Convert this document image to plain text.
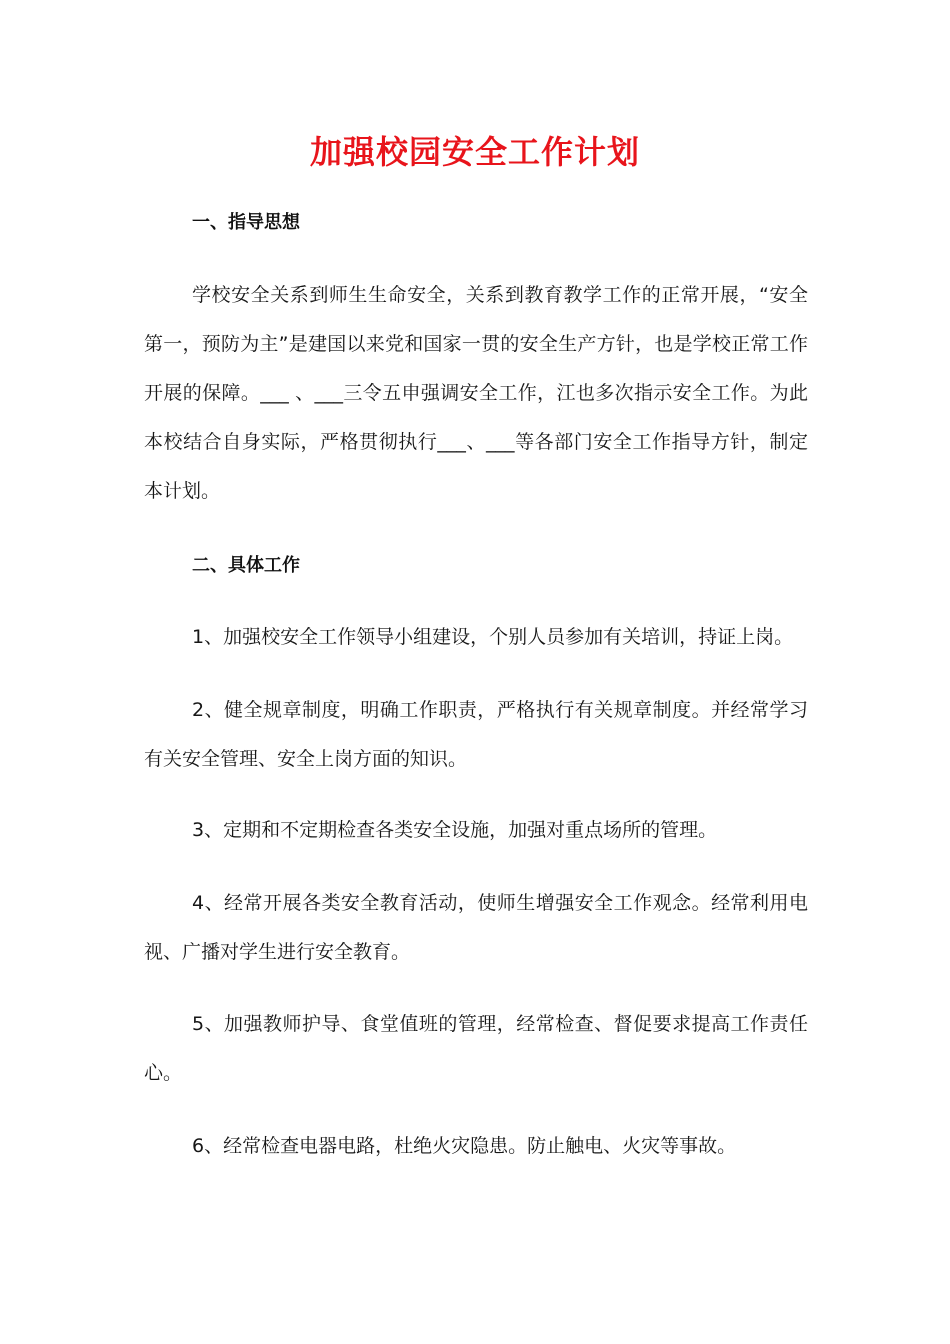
加强校园安全工作计划
一、指导思想
学校安全关系到师生生命安全，关系到教育教学工作的正常开展，“安全第一，预防为主”是建国以来党和国家一贯的安全生产方针，也是学校正常工作开展的保障。___ 、___三令五申强调安全工作，江也多次指示安全工作。为此本校结合自身实际，严格贯彻执行___、___等各部门安全工作指导方针，制定本计划。
二、具体工作
1、加强校安全工作领导小组建设，个别人员参加有关培训，持证上岗。
2、健全规章制度，明确工作职责，严格执行有关规章制度。并经常学习有关安全管理、安全上岗方面的知识。
3、定期和不定期检查各类安全设施，加强对重点场所的管理。
4、经常开展各类安全教育活动，使师生增强安全工作观念。经常利用电视、广播对学生进行安全教育。
5、加强教师护导、食堂值班的管理，经常检查、督促要求提高工作责任心。
6、经常检查电器电路，杜绝火灾隐患。防止触电、火灾等事故。
